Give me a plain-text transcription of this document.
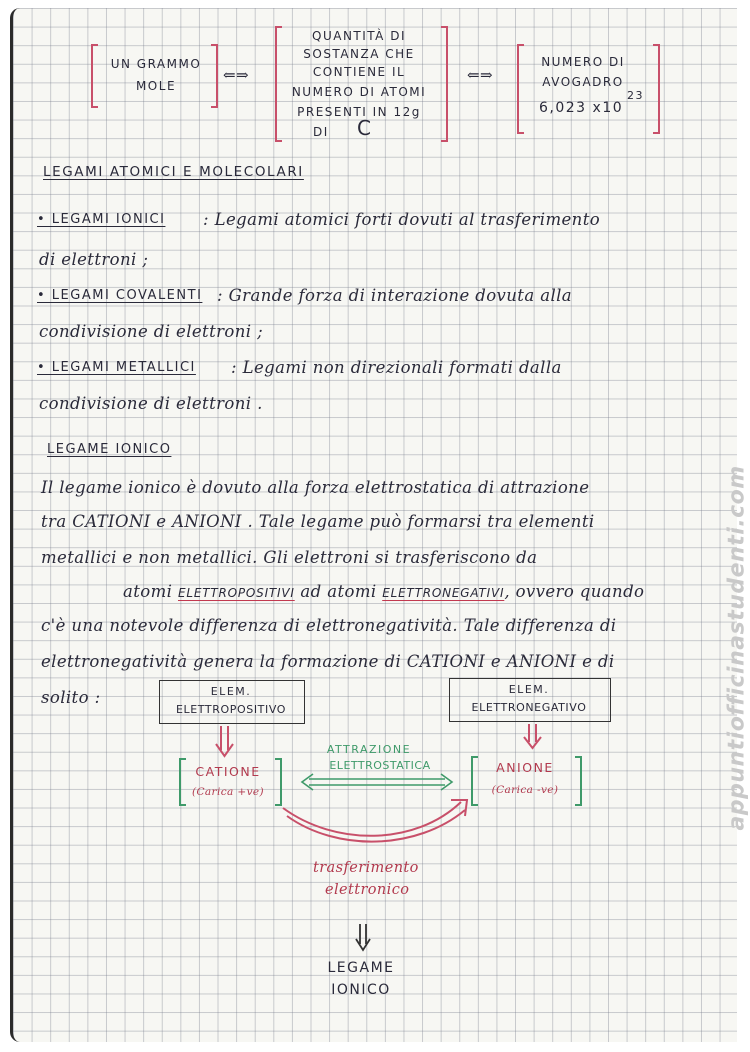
UN GRAMMO
MOLE
⇐⇒
QUANTITÀ DI
SOSTANZA CHE
CONTIENE IL
NUMERO DI ATOMI
PRESENTI IN 12g
DI C
⇐⇒
NUMERO DI
AVOGADRO
6,023 x10
23
LEGAMI ATOMICI E MOLECOLARI
• LEGAMI IONICI : Legami atomici forti dovuti al trasferimento
di elettroni ;
• LEGAMI COVALENTI : Grande forza di interazione dovuta alla
condivisione di elettroni ;
• LEGAMI METALLICI : Legami non direzionali formati dalla
condivisione di elettroni .
LEGAME IONICO
Il legame ionico è dovuto alla forza elettrostatica di attrazione
tra CATIONI e ANIONI . Tale legame può formarsi tra elementi
metallici e non metallici. Gli elettroni si trasferiscono da
atomi ELETTROPOSITIVI ad atomi ELETTRONEGATIVI, ovvero quando
c'è una notevole differenza di elettronegatività. Tale differenza di
elettronegatività genera la formazione di CATIONI e ANIONI e di
solito :	ELEM.
ELETTROPOSITIVO
ELEM.
ELETTRONEGATIVO
CATIONE
(Carica +ve)
ANIONE
(Carica -ve)
ATTRAZIONE
ELETTROSTATICA
trasferimento
elettronico
LEGAME
IONICO
appuntiofficinastudenti.com
